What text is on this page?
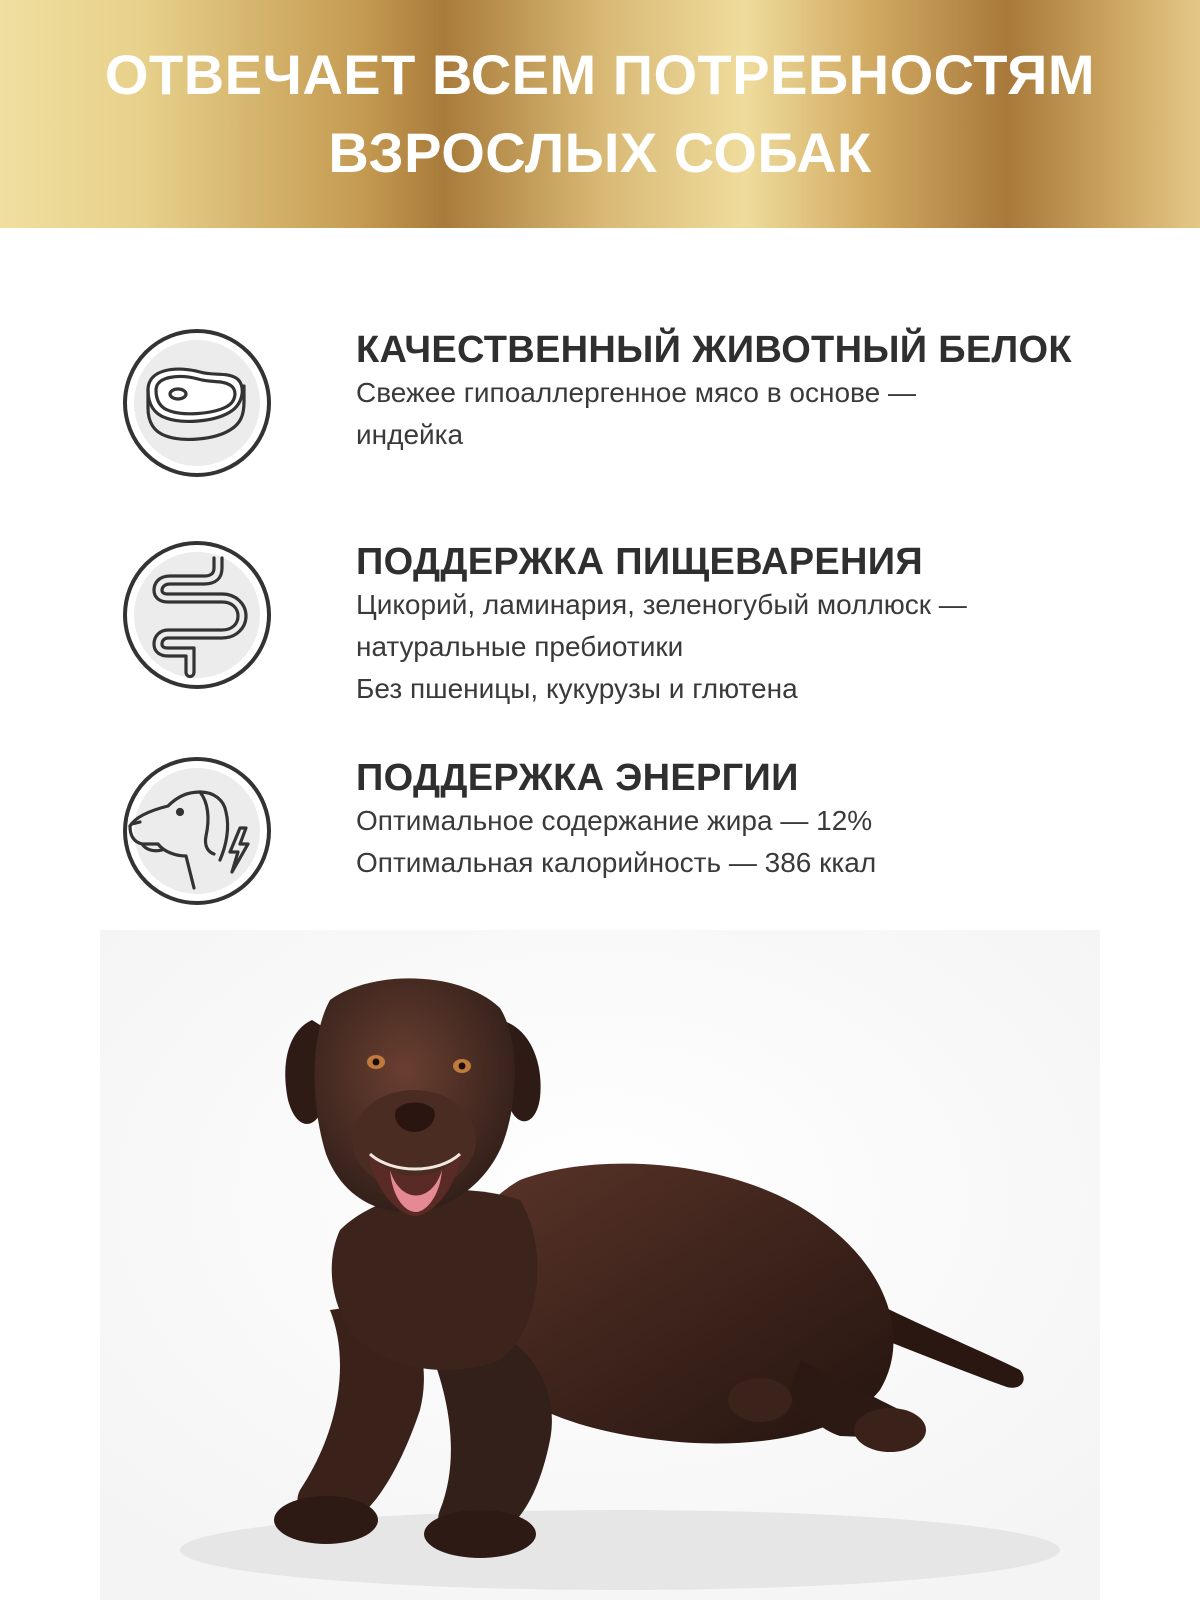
ОТВЕЧАЕТ ВСЕМ ПОТРЕБНОСТЯМ
ВЗРОСЛЫХ СОБАК

КАЧЕСТВЕННЫЙ ЖИВОТНЫЙ БЕЛОК

Свежее гипоаллергенное мясо в основе —

индейка

ПОДДЕРЖКА ПИЩЕВАРЕНИЯ

Цикорий, ламинария, зеленогубый моллюск —

натуральные пребиотики

Без пшеницы, кукурузы и глютена

ПОДДЕРЖКА ЭНЕРГИИ

Оптимальное содержание жира — 12%

Оптимальная калорийность — 386 ккал
